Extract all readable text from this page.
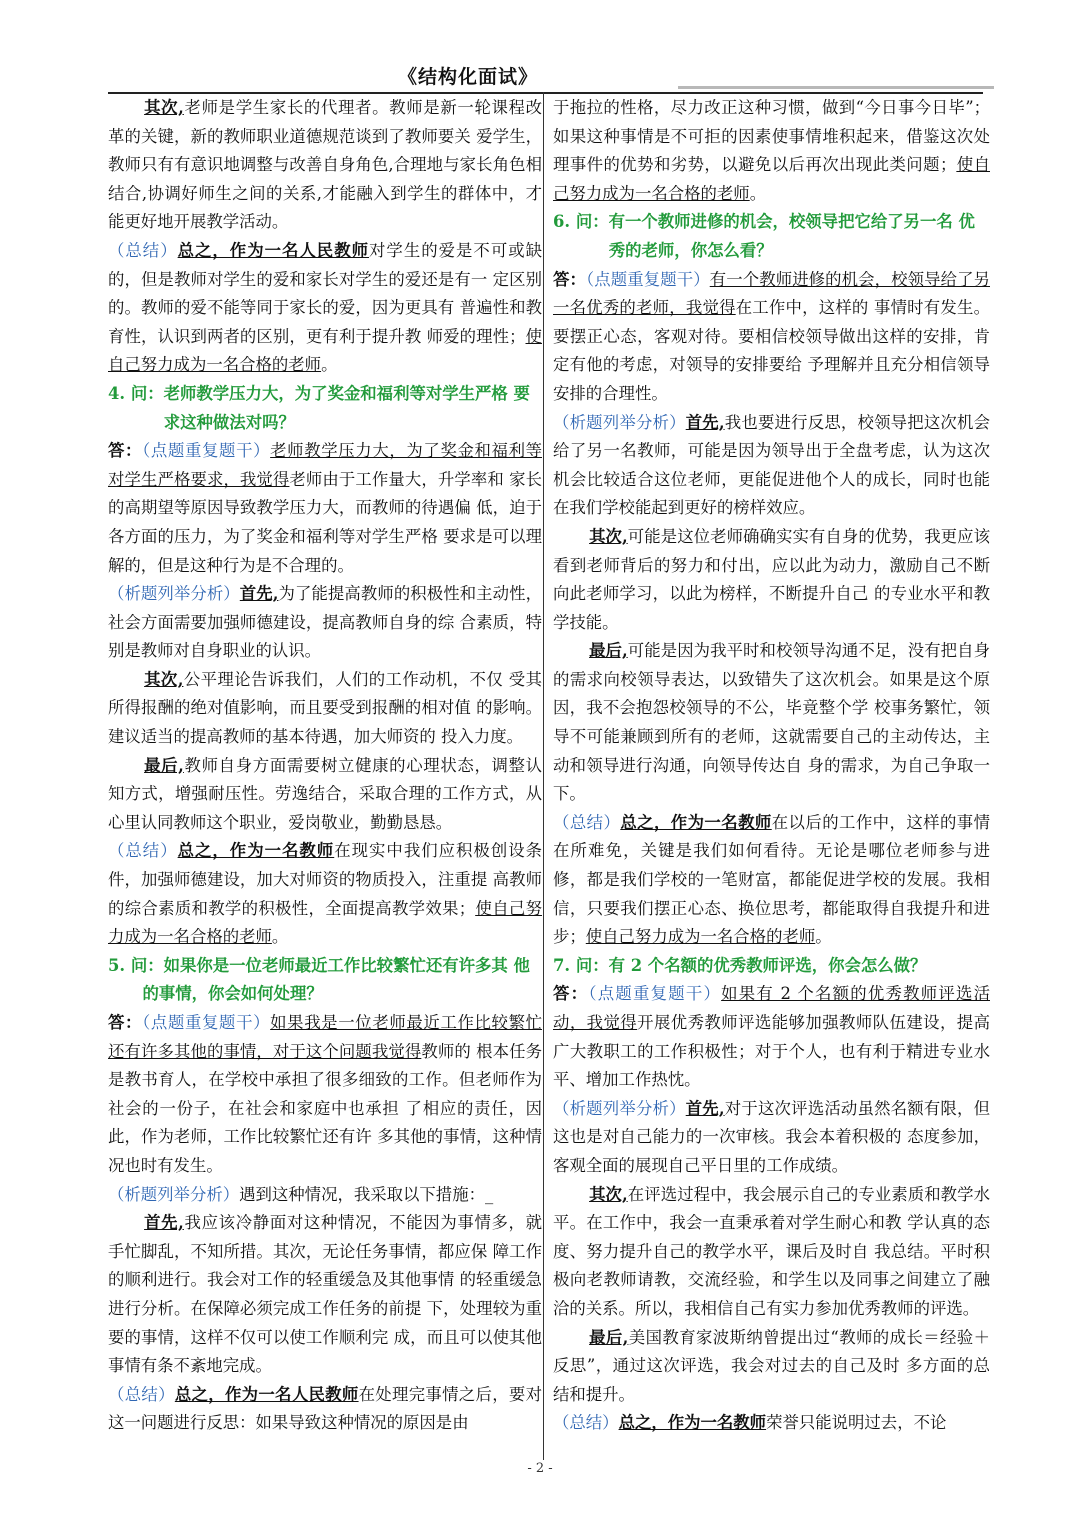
《结构化面试》

其次,老师是学生家长的代理者。教师是新一轮课程改革的关键，新的教师职业道德规范谈到了教师要关 爱学生，教师只有有意识地调整与改善自身角色,合理地与家长角色相结合,协调好师生之间的关系,才能融入到学生的群体中，才能更好地开展教学活动。

（总结）总之，作为一名人民教师对学生的爱是不可或缺的，但是教师对学生的爱和家长对学生的爱还是有一 定区别的。教师的爱不能等同于家长的爱，因为更具有 普遍性和教育性，认识到两者的区别，更有利于提升教 师爱的理性；使自己努力成为一名合格的老师。

4. 问：老师教学压力大，为了奖金和福利等对学生严格 要
求这种做法对吗？

答：（点题重复题干）老师教学压力大，为了奖金和福利等对学生严格要求，我觉得老师由于工作量大，升学率和 家长的高期望等原因导致教学压力大，而教师的待遇偏 低，迫于各方面的压力，为了奖金和福利等对学生严格 要求是可以理解的，但是这种行为是不合理的。

（析题列举分析）首先,为了能提高教师的积极性和主动性，社会方面需要加强师德建设，提高教师自身的综 合素质，特别是教师对自身职业的认识。

其次,公平理论告诉我们，人们的工作动机，不仅 受其所得报酬的绝对值影响，而且要受到报酬的相对值 的影响。建议适当的提高教师的基本待遇，加大师资的 投入力度。

最后,教师自身方面需要树立健康的心理状态，调整认知方式，增强耐压性。劳逸结合，采取合理的工作方式，从心里认同教师这个职业，爱岗敬业，勤勤恳恳。

（总结）总之，作为一名教师在现实中我们应积极创设条件，加强师德建设，加大对师资的物质投入，注重提 高教师的综合素质和教学的积极性，全面提高教学效果；使自己努力成为一名合格的老师。

5. 问：如果你是一位老师最近工作比较繁忙还有许多其 他
的事情，你会如何处理？

答：（点题重复题干）如果我是一位老师最近工作比较繁忙还有许多其他的事情，对于这个问题我觉得教师的 根本任务是教书育人，在学校中承担了很多细致的工作。但老师作为社会的一份子，在社会和家庭中也承担 了相应的责任，因此，作为老师，工作比较繁忙还有许 多其他的事情，这种情况也时有发生。

（析题列举分析）遇到这种情况，我采取以下措施：_

首先,我应该冷静面对这种情况，不能因为事情多，就手忙脚乱，不知所措。其次，无论任务事情，都应保 障工作的顺利进行。我会对工作的轻重缓急及其他事情 的轻重缓急进行分析。在保障必须完成工作任务的前提 下，处理较为重要的事情，这样不仅可以使工作顺利完 成，而且可以使其他事情有条不紊地完成。

（总结）总之，作为一名人民教师在处理完事情之后，要对这一问题进行反思：如果导致这种情况的原因是由

于拖拉的性格，尽力改正这种习惯，做到“今日事今日毕”；如果这种事情是不可拒的因素使事情堆积起来，借鉴这次处理事件的优势和劣势，以避免以后再次出现此类问题；使自己努力成为一名合格的老师。

6. 问：有一个教师进修的机会，校领导把它给了另一名 优
秀的老师，你怎么看？

答：（点题重复题干）有一个教师进修的机会，校领导给了另一名优秀的老师，我觉得在工作中，这样的 事情时有发生。要摆正心态，客观对待。要相信校领导做出这样的安排，肯定有他的考虑，对领导的安排要给 予理解并且充分相信领导安排的合理性。

（析题列举分析）首先,我也要进行反思，校领导把这次机会给了另一名教师，可能是因为领导出于全盘考虑，认为这次机会比较适合这位老师，更能促进他个人的成长，同时也能在我们学校能起到更好的榜样效应。

其次,可能是这位老师确确实实有自身的优势，我更应该看到老师背后的努力和付出，应以此为动力，激励自己不断向此老师学习，以此为榜样，不断提升自己 的专业水平和教学技能。

最后,可能是因为我平时和校领导沟通不足，没有把自身的需求向校领导表达，以致错失了这次机会。如果是这个原因，我不会抱怨校领导的不公，毕竟整个学 校事务繁忙，领导不可能兼顾到所有的老师，这就需要自己的主动传达，主动和领导进行沟通，向领导传达自 身的需求，为自己争取一下。

（总结）总之，作为一名教师在以后的工作中，这样的事情在所难免，关键是我们如何看待。无论是哪位老师参与进修，都是我们学校的一笔财富，都能促进学校的发展。我相信，只要我们摆正心态、换位思考，都能取得自我提升和进步；使自己努力成为一名合格的老师。

7. 问：有 2 个名额的优秀教师评选，你会怎么做？

答：（点题重复题干）如果有 2 个名额的优秀教师评选活动，我觉得开展优秀教师评选能够加强教师队伍建设，提高广大教职工的工作积极性；对于个人，也有利于精进专业水平、增加工作热忱。

（析题列举分析）首先,对于这次评选活动虽然名额有限，但这也是对自己能力的一次审核。我会本着积极的 态度参加，客观全面的展现自己平日里的工作成绩。

其次,在评选过程中，我会展示自己的专业素质和教学水平。在工作中，我会一直秉承着对学生耐心和教 学认真的态度、努力提升自己的教学水平，课后及时自 我总结。平时积极向老教师请教，交流经验，和学生以及同事之间建立了融洽的关系。所以，我相信自己有实力参加优秀教师的评选。

最后,美国教育家波斯纳曾提出过“教师的成长＝经验＋反思”，通过这次评选，我会对过去的自己及时 多方面的总结和提升。

（总结）总之，作为一名教师荣誉只能说明过去，不论

- 2 -
